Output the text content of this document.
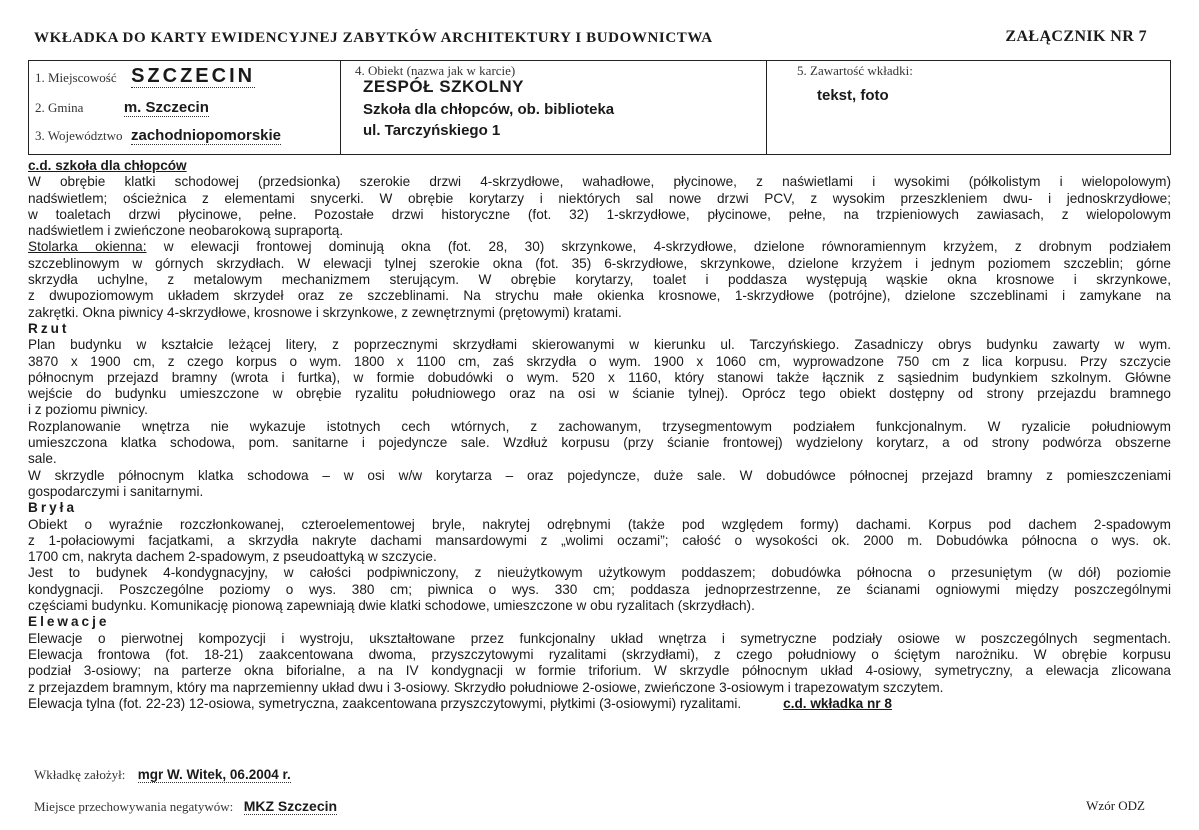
WKŁADKA DO KARTY EWIDENCYJNEJ ZABYTKÓW ARCHITEKTURY I BUDOWNICTWA	ZAŁĄCZNIK NR 7
1. Miejscowość SZCZECIN
2. Gmina	m. Szczecin
3. Województwo zachodniopomorskie
4. Obiekt (nazwa jak w karcie)
ZESPÓŁ SZKOLNY
Szkoła dla chłopców, ob. biblioteka
ul. Tarczyńskiego 1
5. Zawartość wkładki:
tekst, foto
c.d. szkoła dla chłopców
W obrębie klatki schodowej (przedsionka) szerokie drzwi 4-skrzydłowe, wahadłowe, płycinowe, z naświetlami i wysokimi (półkolistym i wielopolowym)
nadświetlem; ościeżnica z elementami snycerki. W obrębie korytarzy i niektórych sal nowe drzwi PCV, z wysokim przeszkleniem dwu- i jednoskrzydłowe;
w toaletach drzwi płycinowe, pełne. Pozostałe drzwi historyczne (fot. 32) 1-skrzydłowe, płycinowe, pełne, na trzpieniowych zawiasach, z wielopolowym
nadświetlem i zwieńczone neobarokową supraportą.
Stolarka okienna: w elewacji frontowej dominują okna (fot. 28, 30) skrzynkowe, 4-skrzydłowe, dzielone równoramiennym krzyżem, z drobnym podziałem
szczeblinowym w górnych skrzydłach. W elewacji tylnej szerokie okna (fot. 35) 6-skrzydłowe, skrzynkowe, dzielone krzyżem i jednym poziomem szczeblin; górne
skrzydła uchylne, z metalowym mechanizmem sterującym. W obrębie korytarzy, toalet i poddasza występują wąskie okna krosnowe i skrzynkowe,
z dwupoziomowym układem skrzydeł oraz ze szczeblinami. Na strychu małe okienka krosnowe, 1-skrzydłowe (potrójne), dzielone szczeblinami i zamykane na
zakrętki. Okna piwnicy 4-skrzydłowe, krosnowe i skrzynkowe, z zewnętrznymi (prętowymi) kratami.
Rzut
Plan budynku w kształcie leżącej litery, z poprzecznymi skrzydłami skierowanymi w kierunku ul. Tarczyńskiego. Zasadniczy obrys budynku zawarty w wym.
3870 x 1900 cm, z czego korpus o wym. 1800 x 1100 cm, zaś skrzydła o wym. 1900 x 1060 cm, wyprowadzone 750 cm z lica korpusu. Przy szczycie
północnym przejazd bramny (wrota i furtka), w formie dobudówki o wym. 520 x 1160, który stanowi także łącznik z sąsiednim budynkiem szkolnym. Główne
wejście do budynku umieszczone w obrębie ryzalitu południowego oraz na osi w ścianie tylnej). Oprócz tego obiekt dostępny od strony przejazdu bramnego
i z poziomu piwnicy.
Rozplanowanie wnętrza nie wykazuje istotnych cech wtórnych, z zachowanym, trzysegmentowym podziałem funkcjonalnym. W ryzalicie południowym
umieszczona klatka schodowa, pom. sanitarne i pojedyncze sale. Wzdłuż korpusu (przy ścianie frontowej) wydzielony korytarz, a od strony podwórza obszerne
sale.
W skrzydle północnym klatka schodowa – w osi w/w korytarza – oraz pojedyncze, duże sale. W dobudówce północnej przejazd bramny z pomieszczeniami
gospodarczymi i sanitarnymi.
Bryła
Obiekt o wyraźnie rozczłonkowanej, czteroelementowej bryle, nakrytej odrębnymi (także pod względem formy) dachami. Korpus pod dachem 2-spadowym
z 1-połaciowymi facjatkami, a skrzydła nakryte dachami mansardowymi z „wolimi oczami”; całość o wysokości ok. 2000 m. Dobudówka północna o wys. ok.
1700 cm, nakryta dachem 2-spadowym, z pseudoattyką w szczycie.
Jest to budynek 4-kondygnacyjny, w całości podpiwniczony, z nieużytkowym użytkowym poddaszem; dobudówka północna o przesuniętym (w dół) poziomie
kondygnacji. Poszczególne poziomy o wys. 380 cm; piwnica o wys. 330 cm; poddasza jednoprzestrzenne, ze ścianami ogniowymi między poszczególnymi
częściami budynku. Komunikację pionową zapewniają dwie klatki schodowe, umieszczone w obu ryzalitach (skrzydłach).
Elewacje
Elewacje o pierwotnej kompozycji i wystroju, ukształtowane przez funkcjonalny układ wnętrza i symetryczne podziały osiowe w poszczególnych segmentach.
Elewacja frontowa (fot. 18-21) zaakcentowana dwoma, przyszczytowymi ryzalitami (skrzydłami), z czego południowy o ściętym narożniku. W obrębie korpusu
podział 3-osiowy; na parterze okna biforialne, a na IV kondygnacji w formie triforium. W skrzydle północnym układ 4-osiowy, symetryczny, a elewacja zlicowana
z przejazdem bramnym, który ma naprzemienny układ dwu i 3-osiowy. Skrzydło południowe 2-osiowe, zwieńczone 3-osiowym i trapezowatym szczytem.
Elewacja tylna (fot. 22-23) 12-osiowa, symetryczna, zaakcentowana przyszczytowymi, płytkimi (3-osiowymi) ryzalitami.	c.d. wkładka nr 8
Wkładkę założył: mgr W. Witek, 06.2004 r.
Miejsce przechowywania negatywów: MKZ Szczecin	Wzór ODZ
